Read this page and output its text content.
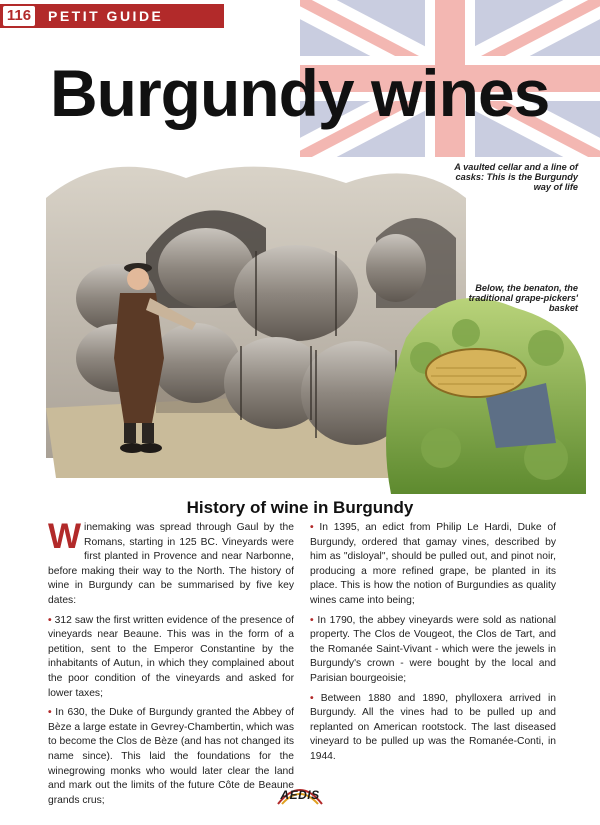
116 PETIT GUIDE
Burgundy wines
A vaulted cellar and a line of casks: This is the Burgundy way of life
Below, the benaton, the traditional grape-pickers' basket
History of wine in Burgundy

Winemaking was spread through Gaul by the Romans, starting in 125 BC. Vineyards were first planted in Provence and near Narbonne, before making their way to the North. The history of wine in Burgundy can be summarised by five key dates:

• 312 saw the first written evidence of the presence of vineyards near Beaune. This was in the form of a petition, sent to the Emperor Constantine by the inhabitants of Autun, in which they complained about the poor condition of the vineyards and asked for lower taxes;

• In 630, the Duke of Burgundy granted the Abbey of Bèze a large estate in Gevrey-Chambertin, which was to become the Clos de Bèze (and has not changed its name since). This laid the foundations for the winegrowing monks who would later clear the land and mark out the limits of the future Côte de Beaune grands crus;

• In 1395, an edict from Philip Le Hardi, Duke of Burgundy, ordered that gamay vines, described by him as "disloyal", should be pulled out, and pinot noir, producing a more refined grape, be planted in its place. This is how the notion of Burgundies as quality wines came into being;

• In 1790, the abbey vineyards were sold as national property. The Clos de Vougeot, the Clos de Tart, and the Romanée Saint-Vivant - which were the jewels in Burgundy's crown - were bought by the local and Parisian bourgeoisie;

• Between 1880 and 1890, phylloxera arrived in Burgundy. All the vines had to be pulled up and replanted on American rootstock. The last diseased vineyard to be pulled up was the Romanée-Conti, in 1944.

AEDIS
